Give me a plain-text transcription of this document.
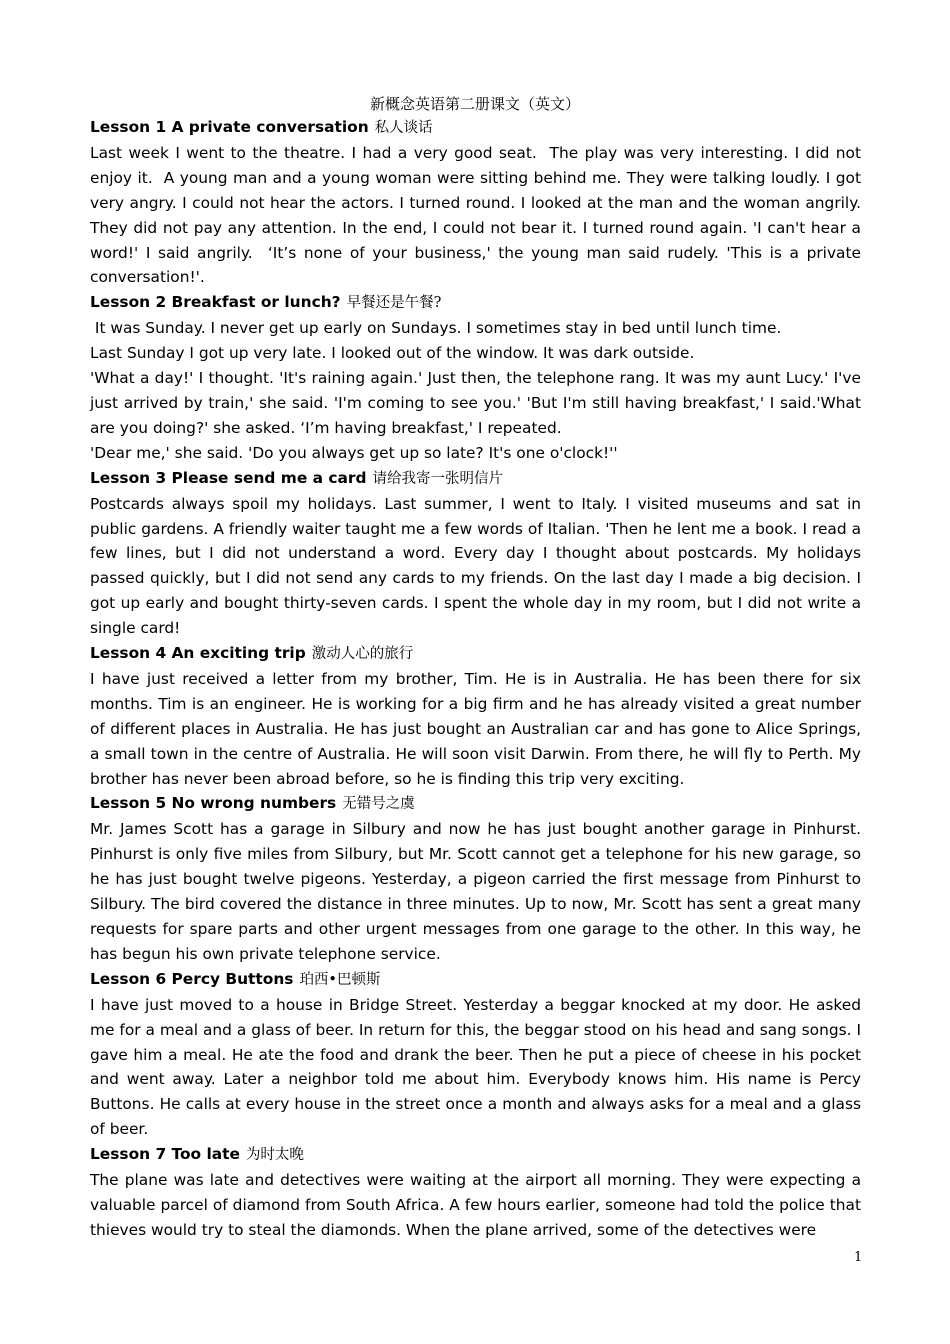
新概念英语第二册课文（英文）
Lesson 1 A private conversation 私人谈话

Last week I went to the theatre. I had a very good seat.  The play was very interesting. I did not enjoy it.  A young man and a young woman were sitting behind me. They were talking loudly. I got very angry. I could not hear the actors. I turned round. I looked at the man and the woman angrily. They did not pay any attention. In the end, I could not bear it. I turned round again. 'I can't hear a word!' I said angrily.  ‘It’s none of your business,' the young man said rudely. 'This is a private conversation!'.

Lesson 2 Breakfast or lunch? 早餐还是午餐?

It was Sunday. I never get up early on Sundays. I sometimes stay in bed until lunch time.

Last Sunday I got up very late. I looked out of the window. It was dark outside.

'What a day!' I thought. 'It's raining again.' Just then, the telephone rang. It was my aunt Lucy.' I've just arrived by train,' she said. 'I'm coming to see you.' 'But I'm still having breakfast,' I said.'What are you doing?' she asked. ‘I’m having breakfast,' I repeated.

'Dear me,' she said. 'Do you always get up so late? It's one o'clock!''

Lesson 3 Please send me a card 请给我寄一张明信片

Postcards always spoil my holidays. Last summer, I went to Italy. I visited museums and sat in public gardens. A friendly waiter taught me a few words of Italian. 'Then he lent me a book. I read a few lines, but I did not understand a word. Every day I thought about postcards. My holidays passed quickly, but I did not send any cards to my friends. On the last day I made a big decision. I got up early and bought thirty-seven cards. I spent the whole day in my room, but I did not write a single card!

Lesson 4 An exciting trip 激动人心的旅行

I have just received a letter from my brother, Tim. He is in Australia. He has been there for six months. Tim is an engineer. He is working for a big firm and he has already visited a great number of different places in Australia. He has just bought an Australian car and has gone to Alice Springs, a small town in the centre of Australia. He will soon visit Darwin. From there, he will fly to Perth. My brother has never been abroad before, so he is finding this trip very exciting.

Lesson 5 No wrong numbers 无错号之虞

Mr. James Scott has a garage in Silbury and now he has just bought another garage in Pinhurst. Pinhurst is only five miles from Silbury, but Mr. Scott cannot get a telephone for his new garage, so he has just bought twelve pigeons. Yesterday, a pigeon carried the first message from Pinhurst to Silbury. The bird covered the distance in three minutes. Up to now, Mr. Scott has sent a great many requests for spare parts and other urgent messages from one garage to the other. In this way, he has begun his own private telephone service.

Lesson 6 Percy Buttons 珀西•巴顿斯

I have just moved to a house in Bridge Street. Yesterday a beggar knocked at my door. He asked me for a meal and a glass of beer. In return for this, the beggar stood on his head and sang songs. I gave him a meal. He ate the food and drank the beer. Then he put a piece of cheese in his pocket and went away. Later a neighbor told me about him. Everybody knows him. His name is Percy Buttons. He calls at every house in the street once a month and always asks for a meal and a glass of beer.

Lesson 7 Too late 为时太晚

The plane was late and detectives were waiting at the airport all morning. They were expecting a valuable parcel of diamond from South Africa. A few hours earlier, someone had told the police that thieves would try to steal the diamonds. When the plane arrived, some of the detectives were

1
